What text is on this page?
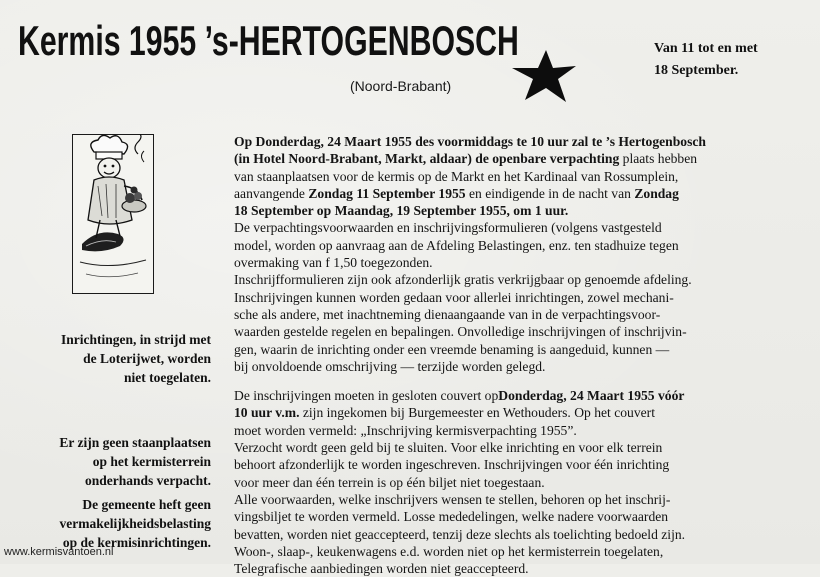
Kermis 1955 ’s-HERTOGENBOSCH
(Noord-Brabant)
Van 11 tot en met
18 September.
Inrichtingen, in strijd met
de Loterijwet, worden
niet toegelaten.
Er zijn geen staanplaatsen
op het kermisterrein
onderhands verpacht.
De gemeente heft geen
vermakelijkheidsbelasting
op de kermisinrichtingen.
Op Donderdag, 24 Maart 1955 des voormiddags te 10 uur zal te ’s Hertogenbosch
(in Hotel Noord-Brabant, Markt, aldaar) de openbare verpachting plaats hebben
van staanplaatsen voor de kermis op de Markt en het Kardinaal van Rossumplein,
aanvangende Zondag 11 September 1955 en eindigende in de nacht van Zondag
18 September op Maandag, 19 September 1955, om 1 uur.
De verpachtingsvoorwaarden en inschrijvingsformulieren (volgens vastgesteld
model, worden op aanvraag aan de Afdeling Belastingen, enz. ten stadhuize tegen
overmaking van f 1,50 toegezonden.
Inschrijfformulieren zijn ook afzonderlijk gratis verkrijgbaar op genoemde afdeling.
Inschrijvingen kunnen worden gedaan voor allerlei inrichtingen, zowel mechani-
sche als andere, met inachtneming dienaangaande van in de verpachtingsvoor-
waarden gestelde regelen en bepalingen. Onvolledige inschrijvingen of inschrijvin-
gen, waarin de inrichting onder een vreemde benaming is aangeduid, kunnen —
bij onvoldoende omschrijving — terzijde worden gelegd.
De inschrijvingen moeten in gesloten couvert opDonderdag, 24 Maart 1955 vóór
10 uur v.m. zijn ingekomen bij Burgemeester en Wethouders. Op het couvert
moet worden vermeld: „Inschrijving kermisverpachting 1955”.
Verzocht wordt geen geld bij te sluiten. Voor elke inrichting en voor elk terrein
behoort afzonderlijk te worden ingeschreven. Inschrijvingen voor één inrichting
voor meer dan één terrein is op één biljet niet toegestaan.
Alle voorwaarden, welke inschrijvers wensen te stellen, behoren op het inschrij-
vingsbiljet te worden vermeld. Losse mededelingen, welke nadere voorwaarden
bevatten, worden niet geaccepteerd, tenzij deze slechts als toelichting bedoeld zijn.
Woon-, slaap-, keukenwagens e.d. worden niet op het kermisterrein toegelaten,
Telegrafische aanbiedingen worden niet geaccepteerd.
www.kermisvantoen.nl
